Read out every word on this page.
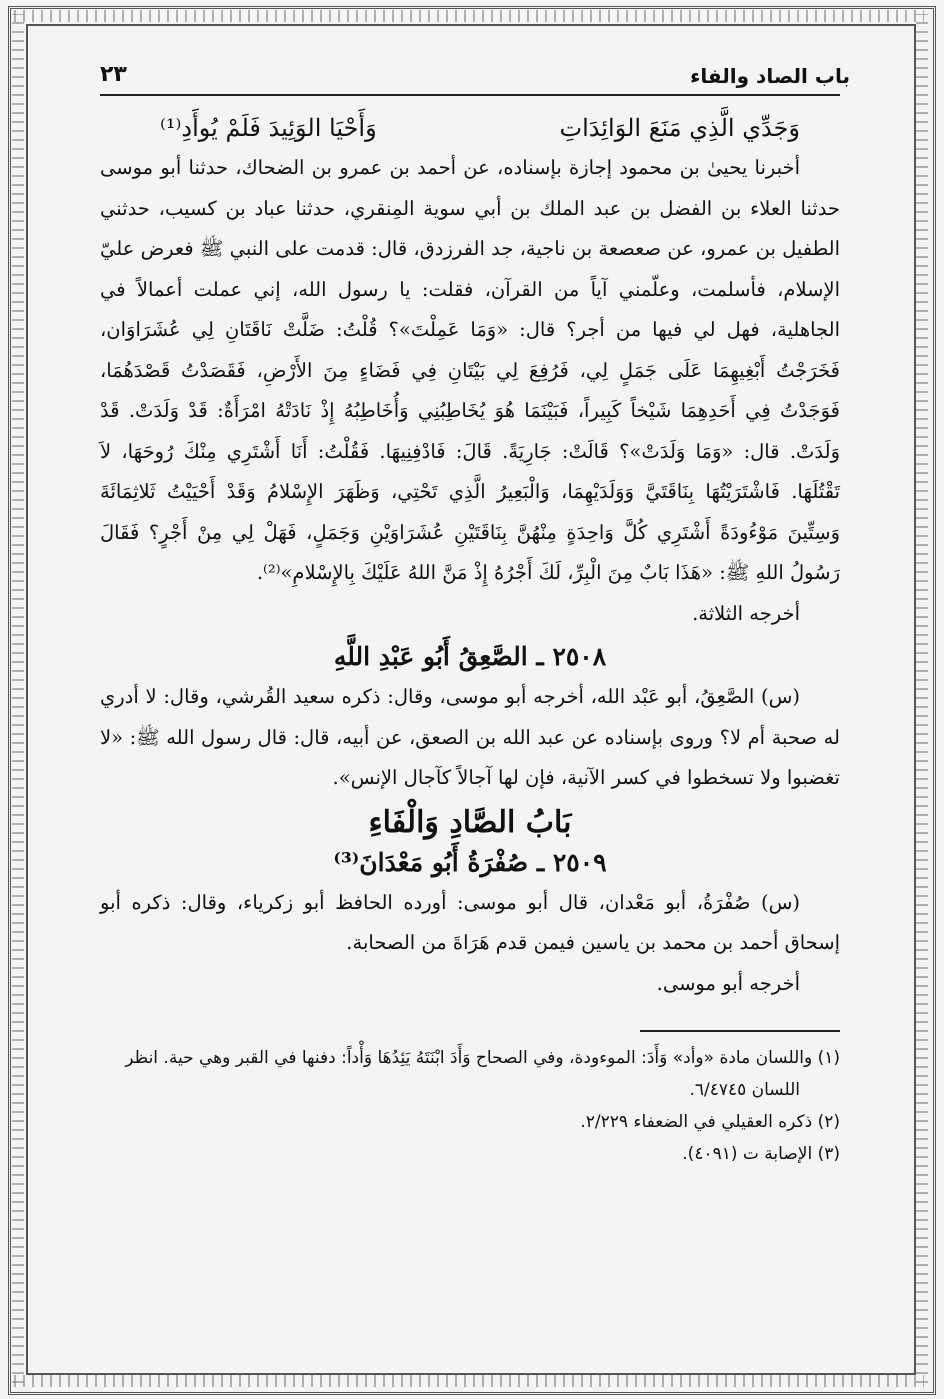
باب الصاد والفاء
٢٣
وَجَدِّي الَّذِي مَنَعَ الوَائِدَاتِ
وَأَحْيَا الوَئِيدَ فَلَمْ يُوأَدِ⁽¹⁾

أخبرنا يحيىٰ بن محمود إجازة بإسناده، عن أحمد بن عمرو بن الضحاك، حدثنا أبو موسى حدثنا العلاء بن الفضل بن عبد الملك بن أبي سوية المِنقري، حدثنا عباد بن كسيب، حدثني الطفيل بن عمرو، عن صعصعة بن ناجية، جد الفرزدق، قال: قدمت على النبي ﷺ فعرض عليّ الإسلام، فأسلمت، وعلّمني آياً من القرآن، فقلت: يا رسول الله، إني عملت أعمالاً في الجاهلية، فهل لي فيها من أجر؟ قال: «وَمَا عَمِلْتَ»؟ قُلْتُ: ضَلَّتْ نَاقَتَانِ لِي عُشَرَاوَان، فَخَرَجْتُ أَبْغِيهِمَا عَلَى جَمَلٍ لِي، فَرُفِعَ لِي بَيْتَانِ فِي فَضَاءٍ مِنَ الأَرْضِ، فَقَصَدْتُ قَصْدَهُمَا، فَوَجَدْتُ فِي أَحَدِهِمَا شَيْخاً كَبِيراً، فَبَيْنَمَا هُوَ يُخَاطِبُنِي وَأُخَاطِبُهُ إِذْ نَادَتْهُ امْرَأَةٌ: قَدْ وَلَدَتْ. قَدْ وَلَدَتْ. قال: «وَمَا وَلَدَتْ»؟ قَالَتْ: جَارِيَةً. قَالَ: فَادْفِنِيهَا. فَقُلْتُ: أَنَا أَشْتَرِي مِنْكَ رُوحَهَا، لاَ تَقْتُلَهَا. فَاشْتَرَيْتُهَا بِنَاقَتَيَّ وَوَلَدَيْهِمَا، وَالْبَعِيرُ الَّذِي تَحْتِي، وَظَهَرَ الإِسْلامُ وَقَدْ أَحْيَيْتُ ثَلاثِمَائَةَ وَسِتِّينَ مَوْءُودَةً أَشْتَرِي كُلَّ وَاحِدَةٍ مِنْهُنَّ بِنَاقَتَيْنِ عُشَرَاوَيْنِ وَجَمَلٍ، فَهَلْ لِي مِنْ أَجْرٍ؟ فَقَالَ رَسُولُ اللهِ ﷺ: «هَذَا بَابٌ مِنَ الْبِرِّ، لَكَ أَجْرُهُ إِذْ مَنَّ اللهُ عَلَيْكَ بِالإِسْلامِ»⁽²⁾.

أخرجه الثلاثة.

٢٥٠٨ ـ الصَّعِقُ أَبُو عَبْدِ اللَّهِ

(س) الصَّعِقُ، أبو عَبْد الله، أخرجه أبو موسى، وقال: ذكره سعيد القُرشي، وقال: لا أدري له صحبة أم لا؟ وروى بإسناده عن عبد الله بن الصعق، عن أبيه، قال: قال رسول الله ﷺ: «لا تغضبوا ولا تسخطوا في كسر الآنية، فإن لها آجالاً كآجال الإنس».

بَابُ الصَّادِ وَالْفَاءِ
٢٥٠٩ ـ صُفْرَةُ أَبُو مَعْدَانَ⁽³⁾

(س) صُفْرَةُ، أبو مَعْدان، قال أبو موسى: أورده الحافظ أبو زكرياء، وقال: ذكره أبو إسحاق أحمد بن محمد بن ياسين فيمن قدم هَرَاةَ من الصحابة.

أخرجه أبو موسى.

(١) واللسان مادة «وأد» وَأَدَ: الموءودة، وفي الصحاح وَأَدَ ابْنَتَهُ يَئِدُهَا وَأْداً: دفنها في القبر وهي حية. انظر

اللسان ٦/٤٧٤٥.

(٢) ذكره العقيلي في الضعفاء ٢/٢٢٩.

(٣) الإصابة ت (٤٠٩١).
